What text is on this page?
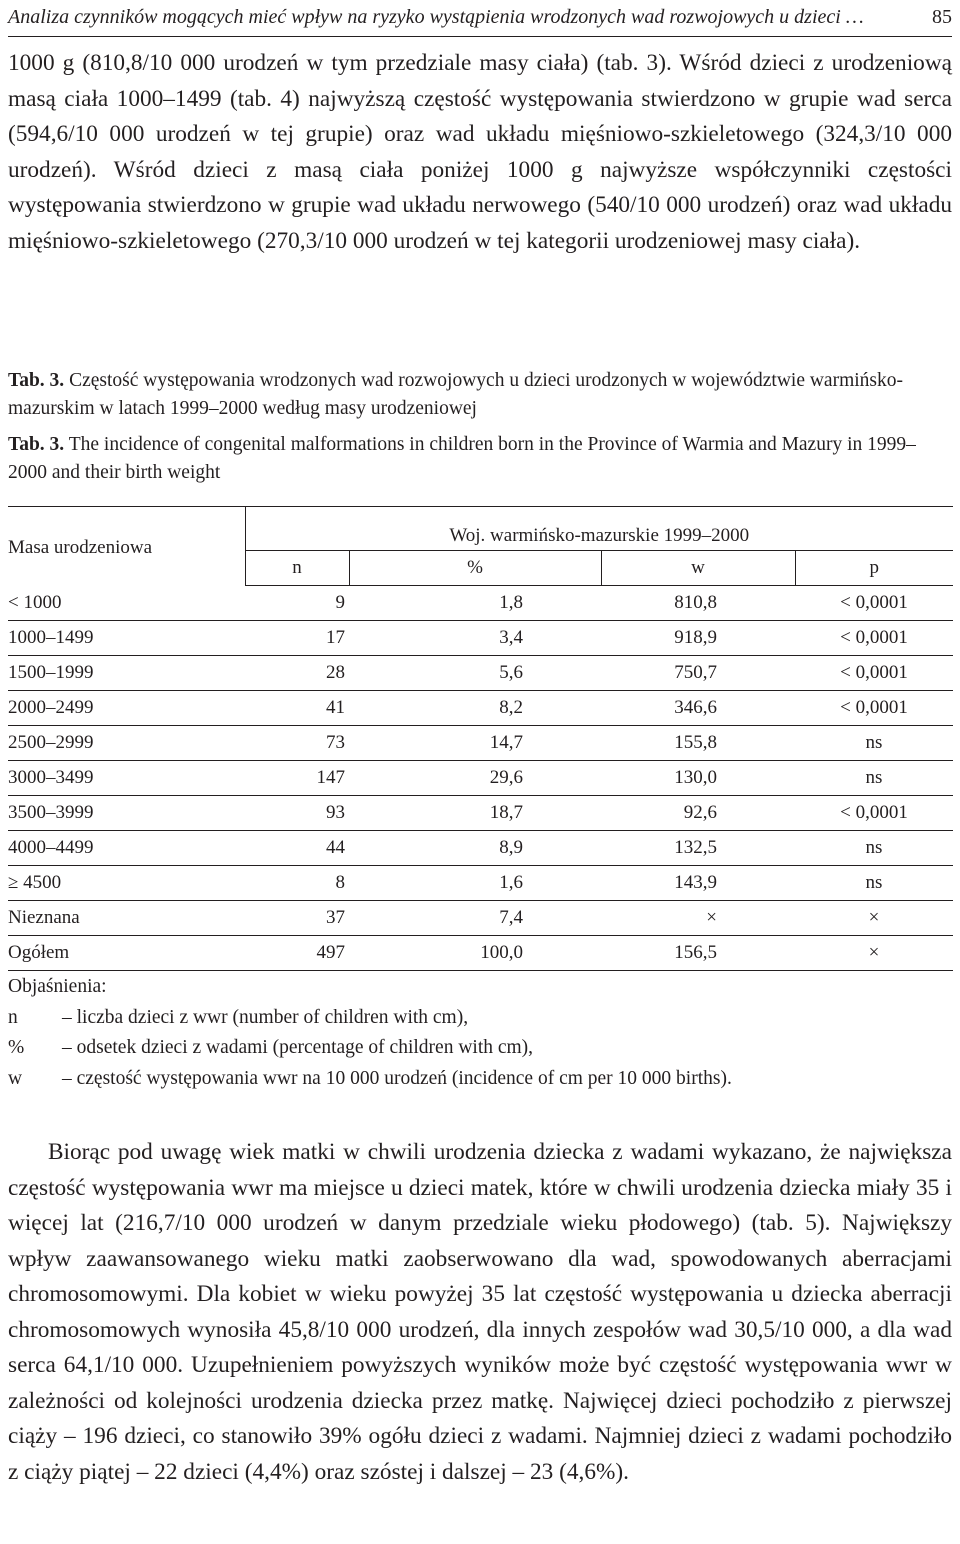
Analiza czynników mogących mieć wpływ na ryzyko wystąpienia wrodzonych wad rozwojowych u dzieci …	85

1000 g (810,8/10 000 urodzeń w tym przedziale masy ciała) (tab. 3). Wśród dzieci z urodzeniową masą ciała 1000–1499 (tab. 4) najwyższą częstość występowania stwierdzono w grupie wad serca (594,6/10 000 urodzeń w tej grupie) oraz wad układu mięśniowo-szkieletowego (324,3/10 000 urodzeń). Wśród dzieci z masą ciała poniżej 1000 g najwyższe współczynniki częstości występowania stwierdzono w grupie wad układu nerwowego (540/10 000 urodzeń) oraz wad układu mięśniowo-szkieletowego (270,3/10 000 urodzeń w tej kategorii urodzeniowej masy ciała).

Tab. 3. Częstość występowania wrodzonych wad rozwojowych u dzieci urodzonych w województwie warmińsko-mazurskim w latach 1999–2000 według masy urodzeniowej

Tab. 3. The incidence of congenital malformations in children born in the Province of Warmia and Mazury in 1999–2000 and their birth weight

Masa urodzeniowa	Woj. warmińsko-mazurskie 1999–2000			
	n	%	w	p
< 1000	9	1,8	810,8	< 0,0001
1000–1499	17	3,4	918,9	< 0,0001
1500–1999	28	5,6	750,7	< 0,0001
2000–2499	41	8,2	346,6	< 0,0001
2500–2999	73	14,7	155,8	ns
3000–3499	147	29,6	130,0	ns
3500–3999	93	18,7	92,6	< 0,0001
4000–4499	44	8,9	132,5	ns
≥ 4500	8	1,6	143,9	ns
Nieznana	37	7,4	×	×
Ogółem	497	100,0	156,5	×
Objaśnienia:
n – liczba dzieci z wwr (number of children with cm),
% – odsetek dzieci z wadami (percentage of children with cm),
w – częstość występowania wwr na 10 000 urodzeń (incidence of cm per 10 000 births).

Biorąc pod uwagę wiek matki w chwili urodzenia dziecka z wadami wykazano, że największa częstość występowania wwr ma miejsce u dzieci matek, które w chwili urodzenia dziecka miały 35 i więcej lat (216,7/10 000 urodzeń w danym przedziale wieku płodowego) (tab. 5). Największy wpływ zaawansowanego wieku matki zaobserwowano dla wad, spowodowanych aberracjami chromosomowymi. Dla kobiet w wieku powyżej 35 lat częstość występowania u dziecka aberracji chromosomowych wynosiła 45,8/10 000 urodzeń, dla innych zespołów wad 30,5/10 000, a dla wad serca 64,1/10 000. Uzupełnieniem powyższych wyników może być częstość występowania wwr w zależności od kolejności urodzenia dziecka przez matkę. Najwięcej dzieci pochodziło z pierwszej ciąży – 196 dzieci, co stanowiło 39% ogółu dzieci z wadami. Najmniej dzieci z wadami pochodziło z ciąży piątej – 22 dzieci (4,4%) oraz szóstej i dalszej – 23 (4,6%).
